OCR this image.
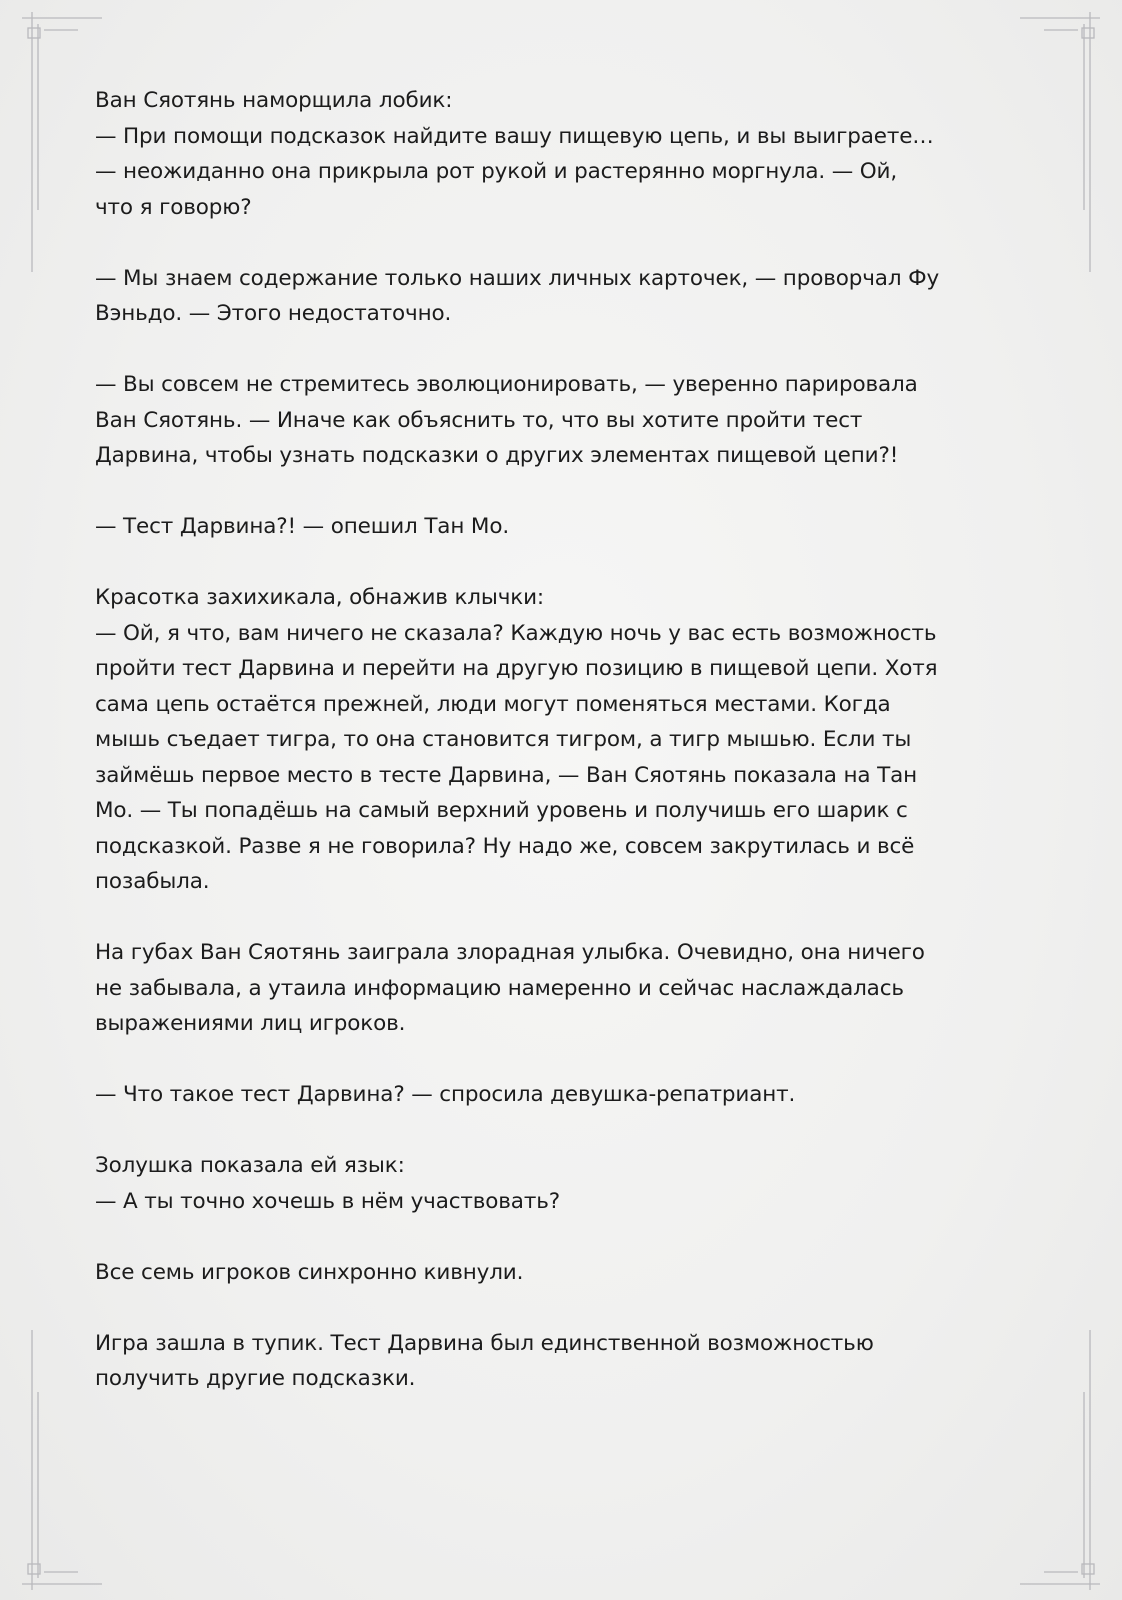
Ван Сяотянь наморщила лобик:
— При помощи подсказок найдите вашу пищевую цепь, и вы выиграете…
— неожиданно она прикрыла рот рукой и растерянно моргнула. — Ой,
что я говорю?

— Мы знаем содержание только наших личных карточек, — проворчал Фу
Вэньдо. — Этого недостаточно.

— Вы совсем не стремитесь эволюционировать, — уверенно парировала
Ван Сяотянь. — Иначе как объяснить то, что вы хотите пройти тест
Дарвина, чтобы узнать подсказки о других элементах пищевой цепи?!

— Тест Дарвина?! — опешил Тан Мо.

Красотка захихикала, обнажив клычки:
— Ой, я что, вам ничего не сказала? Каждую ночь у вас есть возможность
пройти тест Дарвина и перейти на другую позицию в пищевой цепи. Хотя
сама цепь остаётся прежней, люди могут поменяться местами. Когда
мышь съедает тигра, то она становится тигром, а тигр мышью. Если ты
займёшь первое место в тесте Дарвина, — Ван Сяотянь показала на Тан
Мо. — Ты попадёшь на самый верхний уровень и получишь его шарик с
подсказкой. Разве я не говорила? Ну надо же, совсем закрутилась и всё
позабыла.

На губах Ван Сяотянь заиграла злорадная улыбка. Очевидно, она ничего
не забывала, а утаила информацию намеренно и сейчас наслаждалась
выражениями лиц игроков.

— Что такое тест Дарвина? — спросила девушка-репатриант.

Золушка показала ей язык:
— А ты точно хочешь в нём участвовать?

Все семь игроков синхронно кивнули.

Игра зашла в тупик. Тест Дарвина был единственной возможностью
получить другие подсказки.
